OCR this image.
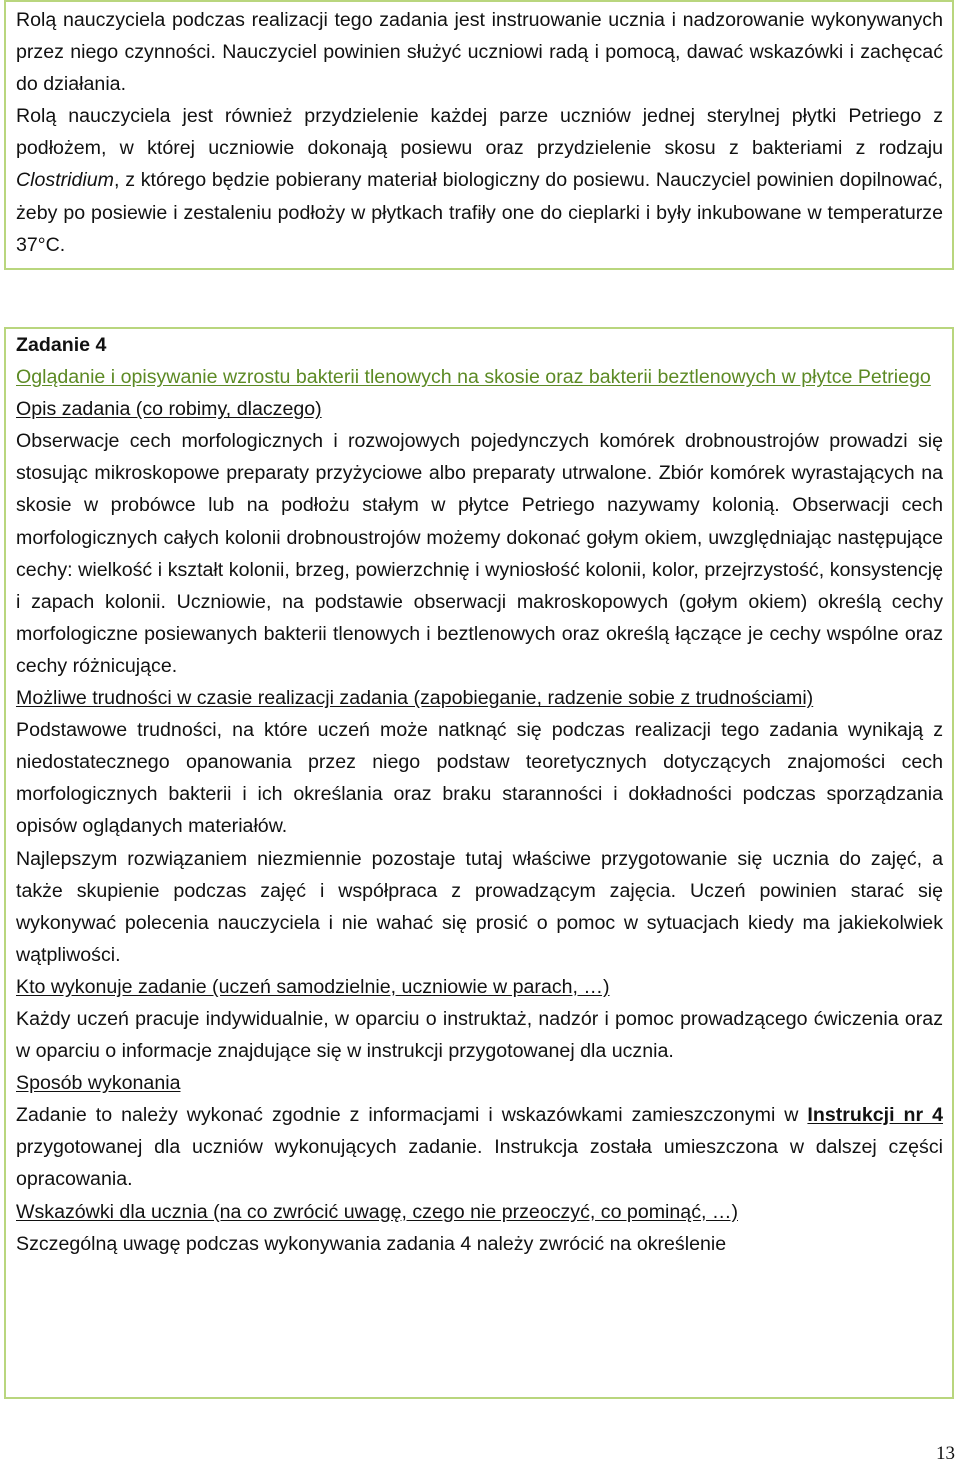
Rolą nauczyciela podczas realizacji tego zadania jest instruowanie ucznia i nadzorowanie wykonywanych przez niego czynności. Nauczyciel powinien służyć uczniowi radą i pomocą, dawać wskazówki i zachęcać do działania.

Rolą nauczyciela jest również przydzielenie każdej parze uczniów jednej sterylnej płytki Petriego z podłożem, w której uczniowie dokonają posiewu oraz przydzielenie skosu z bakteriami z rodzaju Clostridium, z którego będzie pobierany materiał biologiczny do posiewu. Nauczyciel powinien dopilnować, żeby po posiewie i zestaleniu podłoży w płytkach trafiły one do cieplarki i były inkubowane w temperaturze 37°C.

Zadanie 4

Oglądanie i opisywanie wzrostu bakterii tlenowych na skosie oraz bakterii beztlenowych w płytce Petriego

Opis zadania (co robimy, dlaczego)

Obserwacje cech morfologicznych i rozwojowych pojedynczych komórek drobnoustrojów prowadzi się stosując mikroskopowe preparaty przyżyciowe albo preparaty utrwalone. Zbiór komórek wyrastających na skosie w probówce lub na podłożu stałym w płytce Petriego nazywamy kolonią. Obserwacji cech morfologicznych całych kolonii drobnoustrojów możemy dokonać gołym okiem, uwzględniając następujące cechy: wielkość i kształt kolonii, brzeg, powierzchnię i wyniosłość kolonii, kolor, przejrzystość, konsystencję i zapach kolonii. Uczniowie, na podstawie obserwacji makroskopowych (gołym okiem) określą cechy morfologiczne posiewanych bakterii tlenowych i beztlenowych oraz określą łączące je cechy wspólne oraz cechy różnicujące.

Możliwe trudności w czasie realizacji zadania (zapobieganie, radzenie sobie z trudnościami)

Podstawowe trudności, na które uczeń może natknąć się podczas realizacji tego zadania wynikają z niedostatecznego opanowania przez niego podstaw teoretycznych dotyczących znajomości cech morfologicznych bakterii i ich określania oraz braku staranności i dokładności podczas sporządzania opisów oglądanych materiałów.

Najlepszym rozwiązaniem niezmiennie pozostaje tutaj właściwe przygotowanie się ucznia do zajęć, a także skupienie podczas zajęć i współpraca z prowadzącym zajęcia. Uczeń powinien starać się wykonywać polecenia nauczyciela i nie wahać się prosić o pomoc w sytuacjach kiedy ma jakiekolwiek wątpliwości.

Kto wykonuje zadanie (uczeń samodzielnie, uczniowie w parach, …)

Każdy uczeń pracuje indywidualnie, w oparciu o instruktaż, nadzór i pomoc prowadzącego ćwiczenia oraz w oparciu o informacje znajdujące się w instrukcji przygotowanej dla ucznia.

Sposób wykonania

Zadanie to należy wykonać zgodnie z informacjami i wskazówkami zamieszczonymi w Instrukcji nr 4 przygotowanej dla uczniów wykonujących zadanie. Instrukcja została umieszczona w dalszej części opracowania.

Wskazówki dla ucznia (na co zwrócić uwagę, czego nie przeoczyć, co pominąć, …)

Szczególną uwagę podczas wykonywania zadania 4 należy zwrócić na określenie

13
